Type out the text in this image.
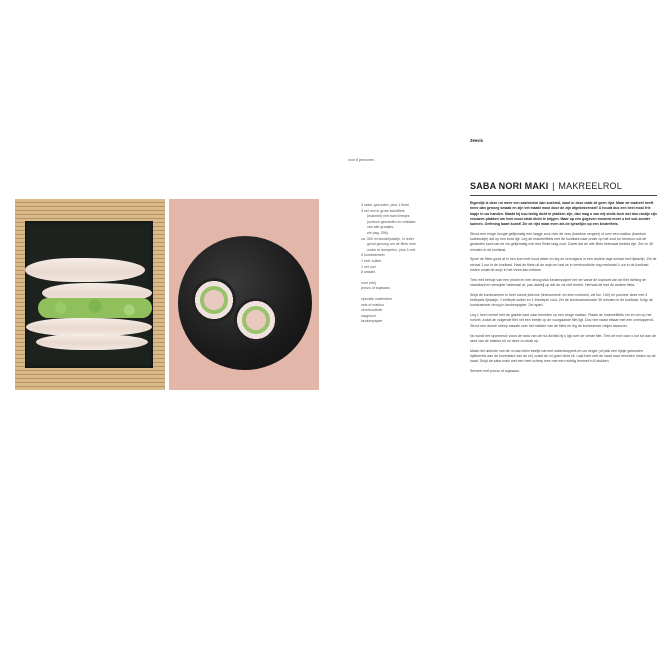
voor 8 personen
3 saba, gezouten, plus 1 theel
4 vel nori in grote sokoffiets
(makreel) met hard lensjes
(schoon gesneden en ontdaan
van alle graatjes,
zie pag. 256)
ca. 300 ml kunstrijstazijn, in ieder
geval genoeg om de filets mee
onder te dompelen, plus 3 eetl
5 kombusmeer
1 eetl. suiker
1 vel nori
8 wasabi
voor erbij
ponzu of sojasaus
speciale materialen
zeis of makisu
vershoudfolie
slagmout
keukenpapier
Zeevis
SABA NORI MAKI | MAKREELROL

Eigenlijk is deze rol meer een sashimirol dan sushirol, want in deze maki zit geen rijst. Maar de makreel heeft meer dan genoeg smaak en zijn vet maakt mooi door de zijn afgebekeensel! U houdt dus een heel mooi frie hapje in uw handen. Maakt hij nou lastig dicht te plakken zijn, dan mag u van mij sinds toch wel dun randje zijn vrouwen plakken om hem mooi strak dicht te krijgen. Maar op een gegeven moment moet u het ook zonder kunnen. Oefening baart kunst! Zie de rijst maar even als de sjeselijke op een kinderfiets.

Strooi een enige hoogte gelijkmatig een laagje zout over de vers (bamboe vergeet) of over een makisu (bamboe sushimatje) dat op een bord ligt. Leg de makreelfilets met de huidkant naar onder op het zout en bestrooi ook de geranden kant van de vis gelijkmatig met een flinke laag zout. Zowel dat de alle filets helemaal bedekt zijn. Zet ze 45 minuten in de koelkast.

Spoel de filets goed af in een kom met koud water en leg ze vervolgens in een andere lage schaal met rijstazijn. Zet de schaal 1 uur in de koelkast. Haal de filets uit de azijn en laat ze in vershoudfolie nog minimaal 4 uur in de koelkast rusten zodat de azijn in het vlees kan trekken.

Trek met behulp van een pincet en een droog stuk keukenpapier het vel vanaf de kopkant van de filet richting de staartkant en verwijder helemaal af, pas daarbij op dat de vis niet breekt. Herhaal dit met de andere filets.

Snijd de kombusmeer in heel dunne julienne (liniesunnele: en leen rechtoek, zie blz. 100) en pocheer deze met 3 eetlepels rijstazijn, 1 eetlepel suiker en 1 theelepel zout. Zet de kombusmarinade 30 minuten in de koelkast. Knijp de kombusmeer droog in keukenpapier. Zet apart.

Leg 1 heel norivel met de gladde kant naar beneden op een droge makisu. Plaats de makreelfilets om en om op het norivel, zodat de volgende filet net een beetje op de voorgaande filet ligt. Dou niet naast elkaar met een overlappend. Strooi een dunne streep wasabi over het midden van de filets en leg de kombumeer netjes daarover.

Nu wordt het spannend: vouw de rand van de hul dichtst bij u ligt over de verste filet. Trek de nori naar u toe tot aan de rand van de makisu en rol deze nu strak op.

Maak het uiteinde van de rol aan klein beetje nat met waterdruppels en uw vinger (of plak een rijstje gebeuken rijstkorrels aan de bovenkant van de rol) zodat de rol goed dicht zit. Laat hem met de naad naar beneden rusten op de naad. Snijd de saba maki met een heel scherp mes met een rechtig lemmet in 8 stukken.

Serveer met ponzu of sojasaus.
